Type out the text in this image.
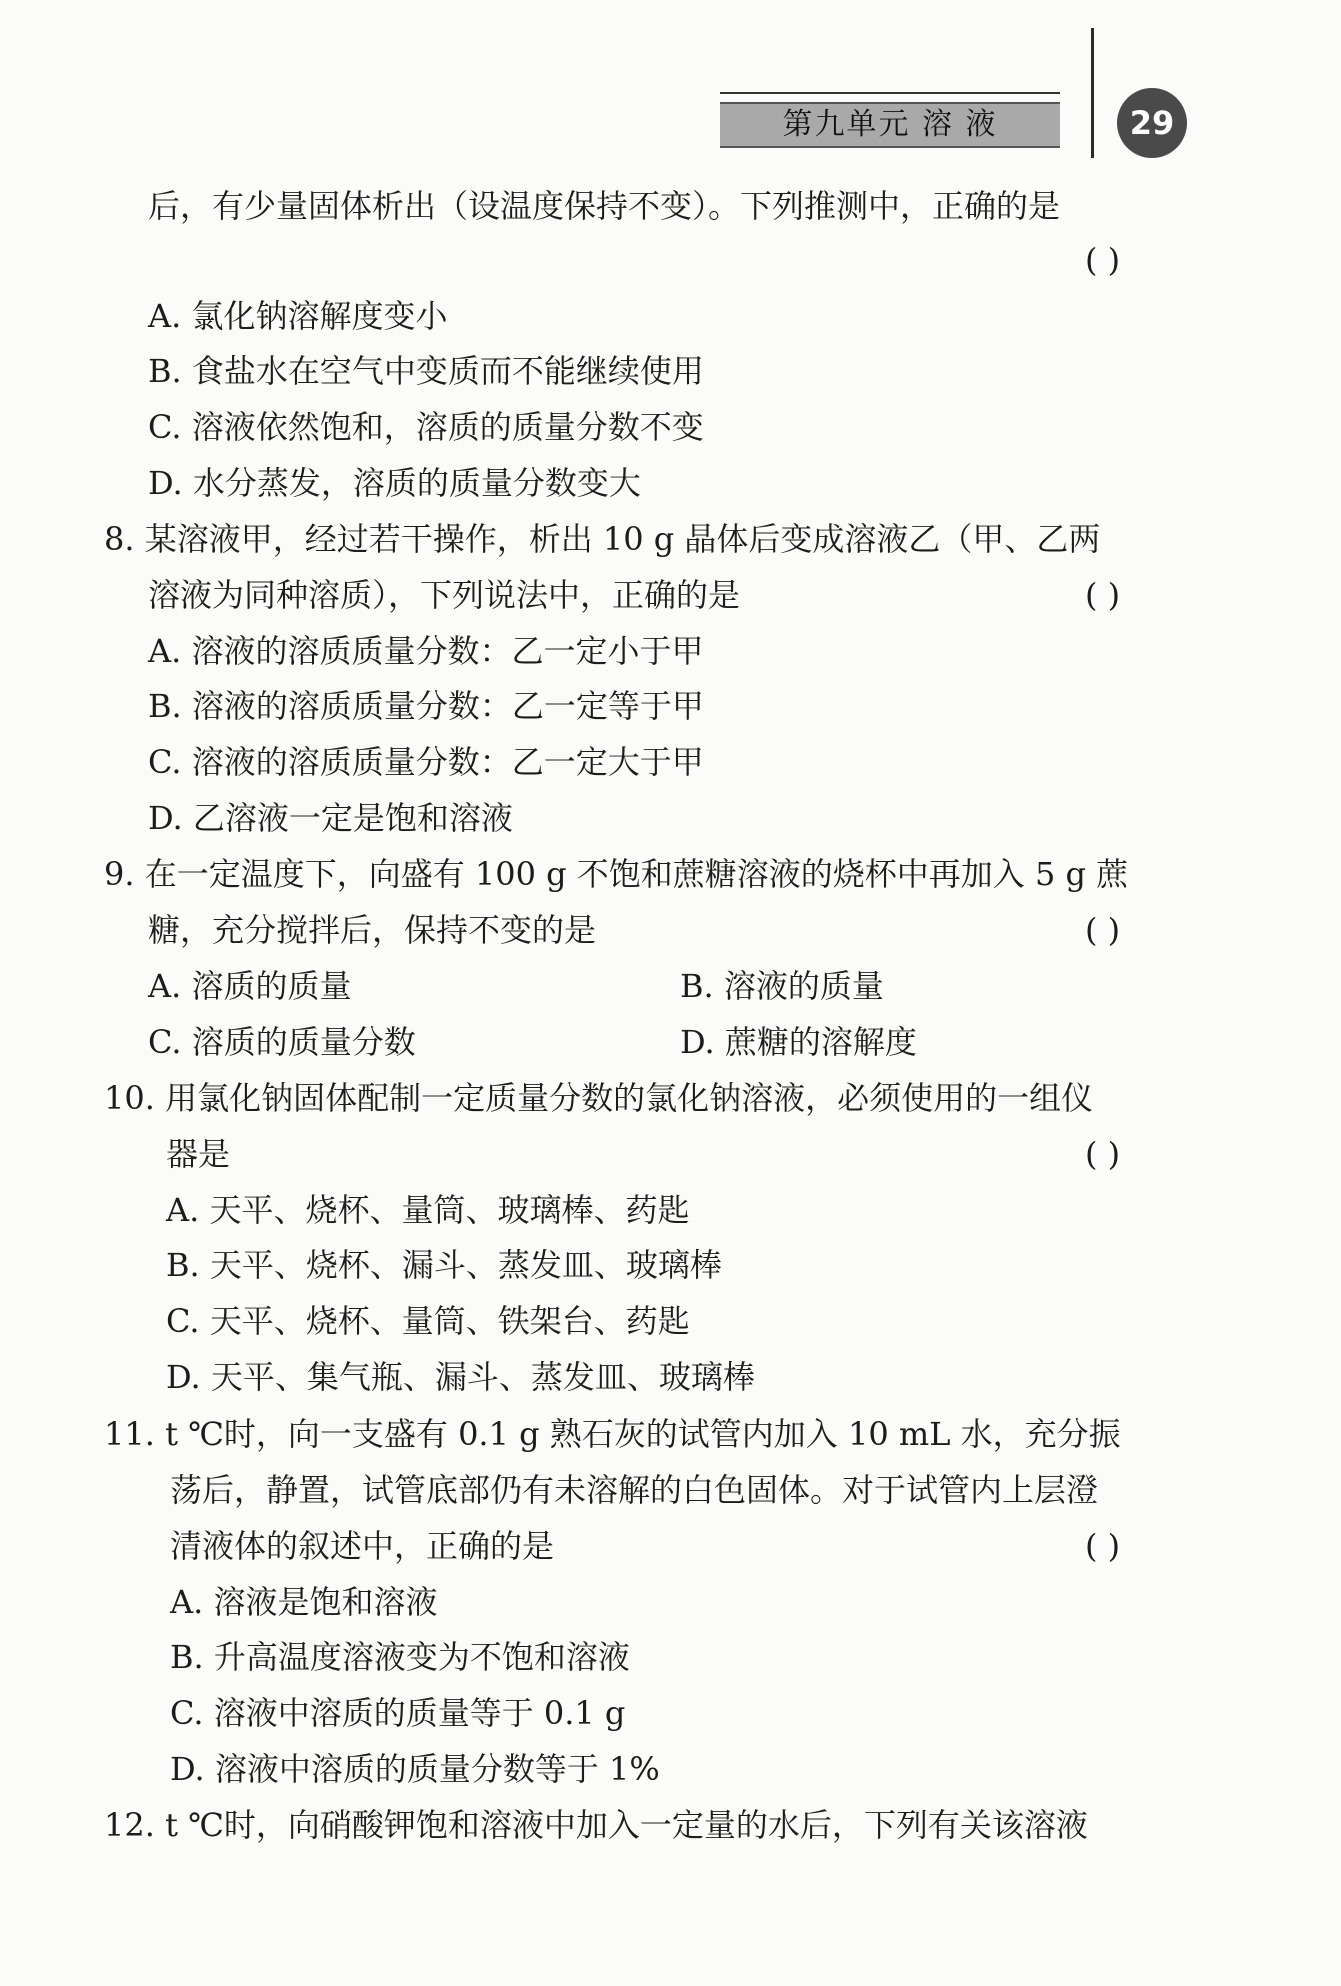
第九单元 溶 液	29
后，有少量固体析出（设温度保持不变）。下列推测中，正确的是
( )
A. 氯化钠溶解度变小
B. 食盐水在空气中变质而不能继续使用
C. 溶液依然饱和，溶质的质量分数不变
D. 水分蒸发，溶质的质量分数变大
8. 某溶液甲，经过若干操作，析出 10 g 晶体后变成溶液乙（甲、乙两
溶液为同种溶质），下列说法中，正确的是	( )
A. 溶液的溶质质量分数：乙一定小于甲
B. 溶液的溶质质量分数：乙一定等于甲
C. 溶液的溶质质量分数：乙一定大于甲
D. 乙溶液一定是饱和溶液
9. 在一定温度下，向盛有 100 g 不饱和蔗糖溶液的烧杯中再加入 5 g 蔗
糖，充分搅拌后，保持不变的是	( )
A. 溶质的质量	B. 溶液的质量
C. 溶质的质量分数	D. 蔗糖的溶解度
10. 用氯化钠固体配制一定质量分数的氯化钠溶液，必须使用的一组仪
器是	( )
A. 天平、烧杯、量筒、玻璃棒、药匙
B. 天平、烧杯、漏斗、蒸发皿、玻璃棒
C. 天平、烧杯、量筒、铁架台、药匙
D. 天平、集气瓶、漏斗、蒸发皿、玻璃棒
11. t ℃时，向一支盛有 0.1 g 熟石灰的试管内加入 10 mL 水，充分振
荡后，静置，试管底部仍有未溶解的白色固体。对于试管内上层澄
清液体的叙述中，正确的是	( )
A. 溶液是饱和溶液
B. 升高温度溶液变为不饱和溶液
C. 溶液中溶质的质量等于 0.1 g
D. 溶液中溶质的质量分数等于 1%
12. t ℃时，向硝酸钾饱和溶液中加入一定量的水后，下列有关该溶液
